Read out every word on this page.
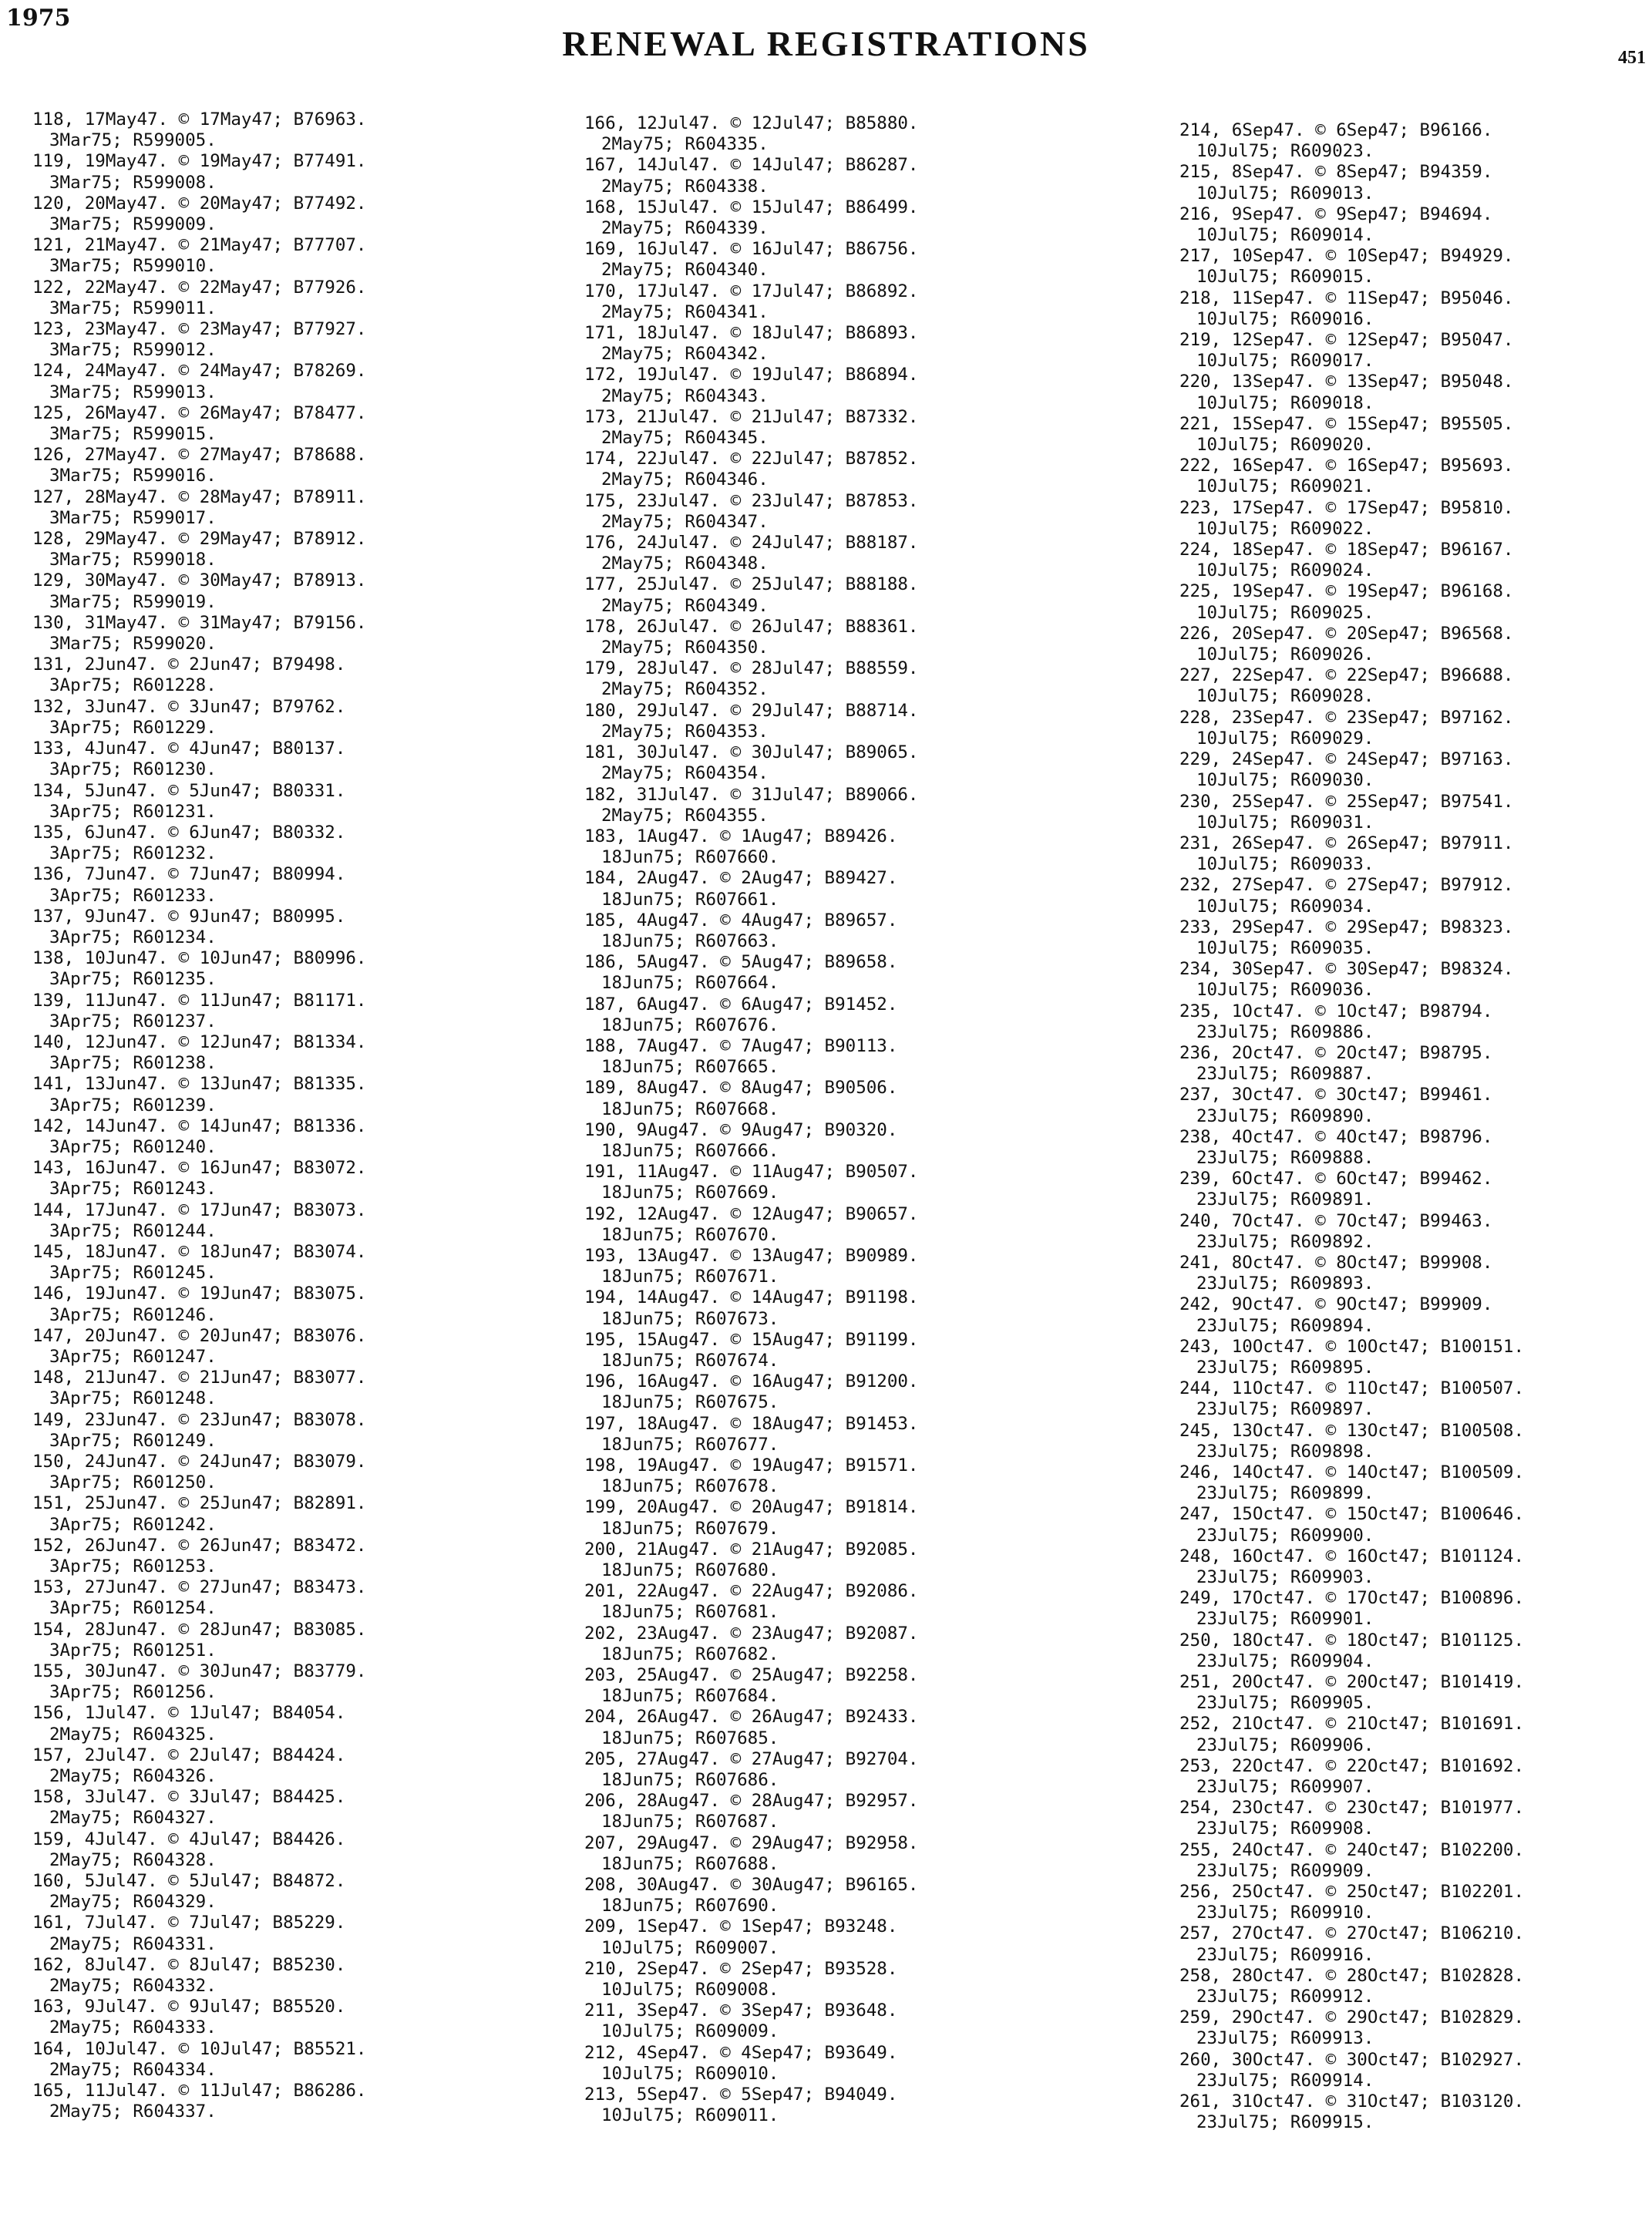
1975
RENEWAL REGISTRATIONS	451
118, 17May47. © 17May47; B76963.
3Mar75; R599005.
119, 19May47. © 19May47; B77491.
3Mar75; R599008.
120, 20May47. © 20May47; B77492.
3Mar75; R599009.
121, 21May47. © 21May47; B77707.
3Mar75; R599010.
122, 22May47. © 22May47; B77926.
3Mar75; R599011.
123, 23May47. © 23May47; B77927.
3Mar75; R599012.
124, 24May47. © 24May47; B78269.
3Mar75; R599013.
125, 26May47. © 26May47; B78477.
3Mar75; R599015.
126, 27May47. © 27May47; B78688.
3Mar75; R599016.
127, 28May47. © 28May47; B78911.
3Mar75; R599017.
128, 29May47. © 29May47; B78912.
3Mar75; R599018.
129, 30May47. © 30May47; B78913.
3Mar75; R599019.
130, 31May47. © 31May47; B79156.
3Mar75; R599020.
131, 2Jun47. © 2Jun47; B79498.
3Apr75; R601228.
132, 3Jun47. © 3Jun47; B79762.
3Apr75; R601229.
133, 4Jun47. © 4Jun47; B80137.
3Apr75; R601230.
134, 5Jun47. © 5Jun47; B80331.
3Apr75; R601231.
135, 6Jun47. © 6Jun47; B80332.
3Apr75; R601232.
136, 7Jun47. © 7Jun47; B80994.
3Apr75; R601233.
137, 9Jun47. © 9Jun47; B80995.
3Apr75; R601234.
138, 10Jun47. © 10Jun47; B80996.
3Apr75; R601235.
139, 11Jun47. © 11Jun47; B81171.
3Apr75; R601237.
140, 12Jun47. © 12Jun47; B81334.
3Apr75; R601238.
141, 13Jun47. © 13Jun47; B81335.
3Apr75; R601239.
142, 14Jun47. © 14Jun47; B81336.
3Apr75; R601240.
143, 16Jun47. © 16Jun47; B83072.
3Apr75; R601243.
144, 17Jun47. © 17Jun47; B83073.
3Apr75; R601244.
145, 18Jun47. © 18Jun47; B83074.
3Apr75; R601245.
146, 19Jun47. © 19Jun47; B83075.
3Apr75; R601246.
147, 20Jun47. © 20Jun47; B83076.
3Apr75; R601247.
148, 21Jun47. © 21Jun47; B83077.
3Apr75; R601248.
149, 23Jun47. © 23Jun47; B83078.
3Apr75; R601249.
150, 24Jun47. © 24Jun47; B83079.
3Apr75; R601250.
151, 25Jun47. © 25Jun47; B82891.
3Apr75; R601242.
152, 26Jun47. © 26Jun47; B83472.
3Apr75; R601253.
153, 27Jun47. © 27Jun47; B83473.
3Apr75; R601254.
154, 28Jun47. © 28Jun47; B83085.
3Apr75; R601251.
155, 30Jun47. © 30Jun47; B83779.
3Apr75; R601256.
156, 1Jul47. © 1Jul47; B84054.
2May75; R604325.
157, 2Jul47. © 2Jul47; B84424.
2May75; R604326.
158, 3Jul47. © 3Jul47; B84425.
2May75; R604327.
159, 4Jul47. © 4Jul47; B84426.
2May75; R604328.
160, 5Jul47. © 5Jul47; B84872.
2May75; R604329.
161, 7Jul47. © 7Jul47; B85229.
2May75; R604331.
162, 8Jul47. © 8Jul47; B85230.
2May75; R604332.
163, 9Jul47. © 9Jul47; B85520.
2May75; R604333.
164, 10Jul47. © 10Jul47; B85521.
2May75; R604334.
165, 11Jul47. © 11Jul47; B86286.
2May75; R604337.
166, 12Jul47. © 12Jul47; B85880.
2May75; R604335.
167, 14Jul47. © 14Jul47; B86287.
2May75; R604338.
168, 15Jul47. © 15Jul47; B86499.
2May75; R604339.
169, 16Jul47. © 16Jul47; B86756.
2May75; R604340.
170, 17Jul47. © 17Jul47; B86892.
2May75; R604341.
171, 18Jul47. © 18Jul47; B86893.
2May75; R604342.
172, 19Jul47. © 19Jul47; B86894.
2May75; R604343.
173, 21Jul47. © 21Jul47; B87332.
2May75; R604345.
174, 22Jul47. © 22Jul47; B87852.
2May75; R604346.
175, 23Jul47. © 23Jul47; B87853.
2May75; R604347.
176, 24Jul47. © 24Jul47; B88187.
2May75; R604348.
177, 25Jul47. © 25Jul47; B88188.
2May75; R604349.
178, 26Jul47. © 26Jul47; B88361.
2May75; R604350.
179, 28Jul47. © 28Jul47; B88559.
2May75; R604352.
180, 29Jul47. © 29Jul47; B88714.
2May75; R604353.
181, 30Jul47. © 30Jul47; B89065.
2May75; R604354.
182, 31Jul47. © 31Jul47; B89066.
2May75; R604355.
183, 1Aug47. © 1Aug47; B89426.
18Jun75; R607660.
184, 2Aug47. © 2Aug47; B89427.
18Jun75; R607661.
185, 4Aug47. © 4Aug47; B89657.
18Jun75; R607663.
186, 5Aug47. © 5Aug47; B89658.
18Jun75; R607664.
187, 6Aug47. © 6Aug47; B91452.
18Jun75; R607676.
188, 7Aug47. © 7Aug47; B90113.
18Jun75; R607665.
189, 8Aug47. © 8Aug47; B90506.
18Jun75; R607668.
190, 9Aug47. © 9Aug47; B90320.
18Jun75; R607666.
191, 11Aug47. © 11Aug47; B90507.
18Jun75; R607669.
192, 12Aug47. © 12Aug47; B90657.
18Jun75; R607670.
193, 13Aug47. © 13Aug47; B90989.
18Jun75; R607671.
194, 14Aug47. © 14Aug47; B91198.
18Jun75; R607673.
195, 15Aug47. © 15Aug47; B91199.
18Jun75; R607674.
196, 16Aug47. © 16Aug47; B91200.
18Jun75; R607675.
197, 18Aug47. © 18Aug47; B91453.
18Jun75; R607677.
198, 19Aug47. © 19Aug47; B91571.
18Jun75; R607678.
199, 20Aug47. © 20Aug47; B91814.
18Jun75; R607679.
200, 21Aug47. © 21Aug47; B92085.
18Jun75; R607680.
201, 22Aug47. © 22Aug47; B92086.
18Jun75; R607681.
202, 23Aug47. © 23Aug47; B92087.
18Jun75; R607682.
203, 25Aug47. © 25Aug47; B92258.
18Jun75; R607684.
204, 26Aug47. © 26Aug47; B92433.
18Jun75; R607685.
205, 27Aug47. © 27Aug47; B92704.
18Jun75; R607686.
206, 28Aug47. © 28Aug47; B92957.
18Jun75; R607687.
207, 29Aug47. © 29Aug47; B92958.
18Jun75; R607688.
208, 30Aug47. © 30Aug47; B96165.
18Jun75; R607690.
209, 1Sep47. © 1Sep47; B93248.
10Jul75; R609007.
210, 2Sep47. © 2Sep47; B93528.
10Jul75; R609008.
211, 3Sep47. © 3Sep47; B93648.
10Jul75; R609009.
212, 4Sep47. © 4Sep47; B93649.
10Jul75; R609010.
213, 5Sep47. © 5Sep47; B94049.
10Jul75; R609011.
214, 6Sep47. © 6Sep47; B96166.
10Jul75; R609023.
215, 8Sep47. © 8Sep47; B94359.
10Jul75; R609013.
216, 9Sep47. © 9Sep47; B94694.
10Jul75; R609014.
217, 10Sep47. © 10Sep47; B94929.
10Jul75; R609015.
218, 11Sep47. © 11Sep47; B95046.
10Jul75; R609016.
219, 12Sep47. © 12Sep47; B95047.
10Jul75; R609017.
220, 13Sep47. © 13Sep47; B95048.
10Jul75; R609018.
221, 15Sep47. © 15Sep47; B95505.
10Jul75; R609020.
222, 16Sep47. © 16Sep47; B95693.
10Jul75; R609021.
223, 17Sep47. © 17Sep47; B95810.
10Jul75; R609022.
224, 18Sep47. © 18Sep47; B96167.
10Jul75; R609024.
225, 19Sep47. © 19Sep47; B96168.
10Jul75; R609025.
226, 20Sep47. © 20Sep47; B96568.
10Jul75; R609026.
227, 22Sep47. © 22Sep47; B96688.
10Jul75; R609028.
228, 23Sep47. © 23Sep47; B97162.
10Jul75; R609029.
229, 24Sep47. © 24Sep47; B97163.
10Jul75; R609030.
230, 25Sep47. © 25Sep47; B97541.
10Jul75; R609031.
231, 26Sep47. © 26Sep47; B97911.
10Jul75; R609033.
232, 27Sep47. © 27Sep47; B97912.
10Jul75; R609034.
233, 29Sep47. © 29Sep47; B98323.
10Jul75; R609035.
234, 30Sep47. © 30Sep47; B98324.
10Jul75; R609036.
235, 1Oct47. © 1Oct47; B98794.
23Jul75; R609886.
236, 2Oct47. © 2Oct47; B98795.
23Jul75; R609887.
237, 3Oct47. © 3Oct47; B99461.
23Jul75; R609890.
238, 4Oct47. © 4Oct47; B98796.
23Jul75; R609888.
239, 6Oct47. © 6Oct47; B99462.
23Jul75; R609891.
240, 7Oct47. © 7Oct47; B99463.
23Jul75; R609892.
241, 8Oct47. © 8Oct47; B99908.
23Jul75; R609893.
242, 9Oct47. © 9Oct47; B99909.
23Jul75; R609894.
243, 10Oct47. © 10Oct47; B100151.
23Jul75; R609895.
244, 11Oct47. © 11Oct47; B100507.
23Jul75; R609897.
245, 13Oct47. © 13Oct47; B100508.
23Jul75; R609898.
246, 14Oct47. © 14Oct47; B100509.
23Jul75; R609899.
247, 15Oct47. © 15Oct47; B100646.
23Jul75; R609900.
248, 16Oct47. © 16Oct47; B101124.
23Jul75; R609903.
249, 17Oct47. © 17Oct47; B100896.
23Jul75; R609901.
250, 18Oct47. © 18Oct47; B101125.
23Jul75; R609904.
251, 20Oct47. © 20Oct47; B101419.
23Jul75; R609905.
252, 21Oct47. © 21Oct47; B101691.
23Jul75; R609906.
253, 22Oct47. © 22Oct47; B101692.
23Jul75; R609907.
254, 23Oct47. © 23Oct47; B101977.
23Jul75; R609908.
255, 24Oct47. © 24Oct47; B102200.
23Jul75; R609909.
256, 25Oct47. © 25Oct47; B102201.
23Jul75; R609910.
257, 27Oct47. © 27Oct47; B106210.
23Jul75; R609916.
258, 28Oct47. © 28Oct47; B102828.
23Jul75; R609912.
259, 29Oct47. © 29Oct47; B102829.
23Jul75; R609913.
260, 30Oct47. © 30Oct47; B102927.
23Jul75; R609914.
261, 31Oct47. © 31Oct47; B103120.
23Jul75; R609915.
